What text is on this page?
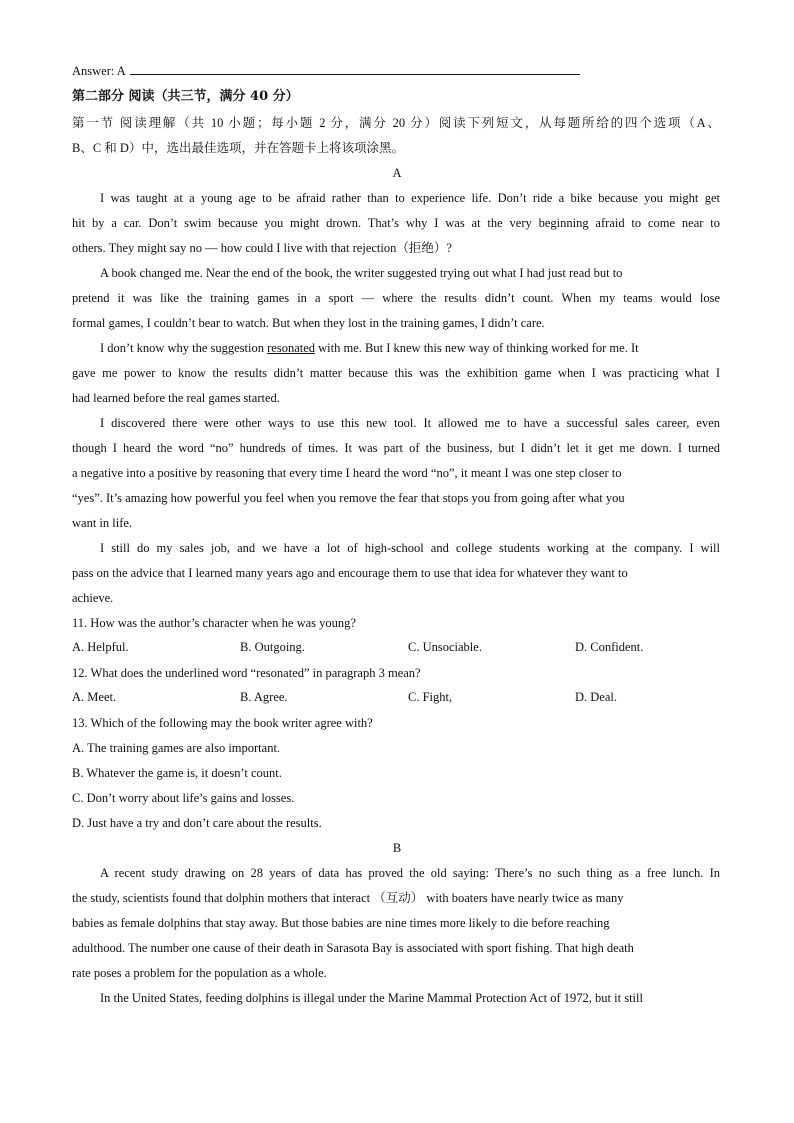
Answer: A
第二部分 阅读（共三节，满分 40 分）
第一节 阅读理解（共 10 小题；每小题 2 分，满分 20 分）阅读下列短文，从每题所给的四个选项（A、
B、C 和 D）中，选出最佳选项，并在答题卡上将该项涂黑。
A
I was taught at a young age to be afraid rather than to experience life. Don’t ride a bike because you might get
hit by a car. Don’t swim because you might drown. That’s why I was at the very beginning afraid to come near to
others. They might say no — how could I live with that rejection（拒绝）?
A book changed me. Near the end of the book, the writer suggested trying out what I had just read but to
pretend it was like the training games in a sport — where the results didn’t count. When my teams would lose
formal games, I couldn’t bear to watch. But when they lost in the training games, I didn’t care.
I don’t know why the suggestion resonated with me. But I knew this new way of thinking worked for me. It
gave me power to know the results didn’t matter because this was the exhibition game when I was practicing what I
had learned before the real games started.
I discovered there were other ways to use this new tool. It allowed me to have a successful sales career, even
though I heard the word “no” hundreds of times. It was part of the business, but I didn’t let it get me down. I turned
a negative into a positive by reasoning that every time I heard the word “no”, it meant I was one step closer to
“yes”. It’s amazing how powerful you feel when you remove the fear that stops you from going after what you
want in life.
I still do my sales job, and we have a lot of high-school and college students working at the company. I will
pass on the advice that I learned many years ago and encourage them to use that idea for whatever they want to
achieve.
11. How was the author’s character when he was young?
A. Helpful.	B. Outgoing.	C. Unsociable.	D. Confident.
12. What does the underlined word “resonated” in paragraph 3 mean?
A. Meet.	B. Agree.	C. Fight,	D. Deal.
13. Which of the following may the book writer agree with?
A. The training games are also important.
B. Whatever the game is, it doesn’t count.
C. Don’t worry about life’s gains and losses.
D. Just have a try and don’t care about the results.
B
A recent study drawing on 28 years of data has proved the old saying: There’s no such thing as a free lunch. In
the study, scientists found that dolphin mothers that interact （互动） with boaters have nearly twice as many
babies as female dolphins that stay away. But those babies are nine times more likely to die before reaching
adulthood. The number one cause of their death in Sarasota Bay is associated with sport fishing. That high death
rate poses a problem for the population as a whole.
In the United States, feeding dolphins is illegal under the Marine Mammal Protection Act of 1972, but it still
